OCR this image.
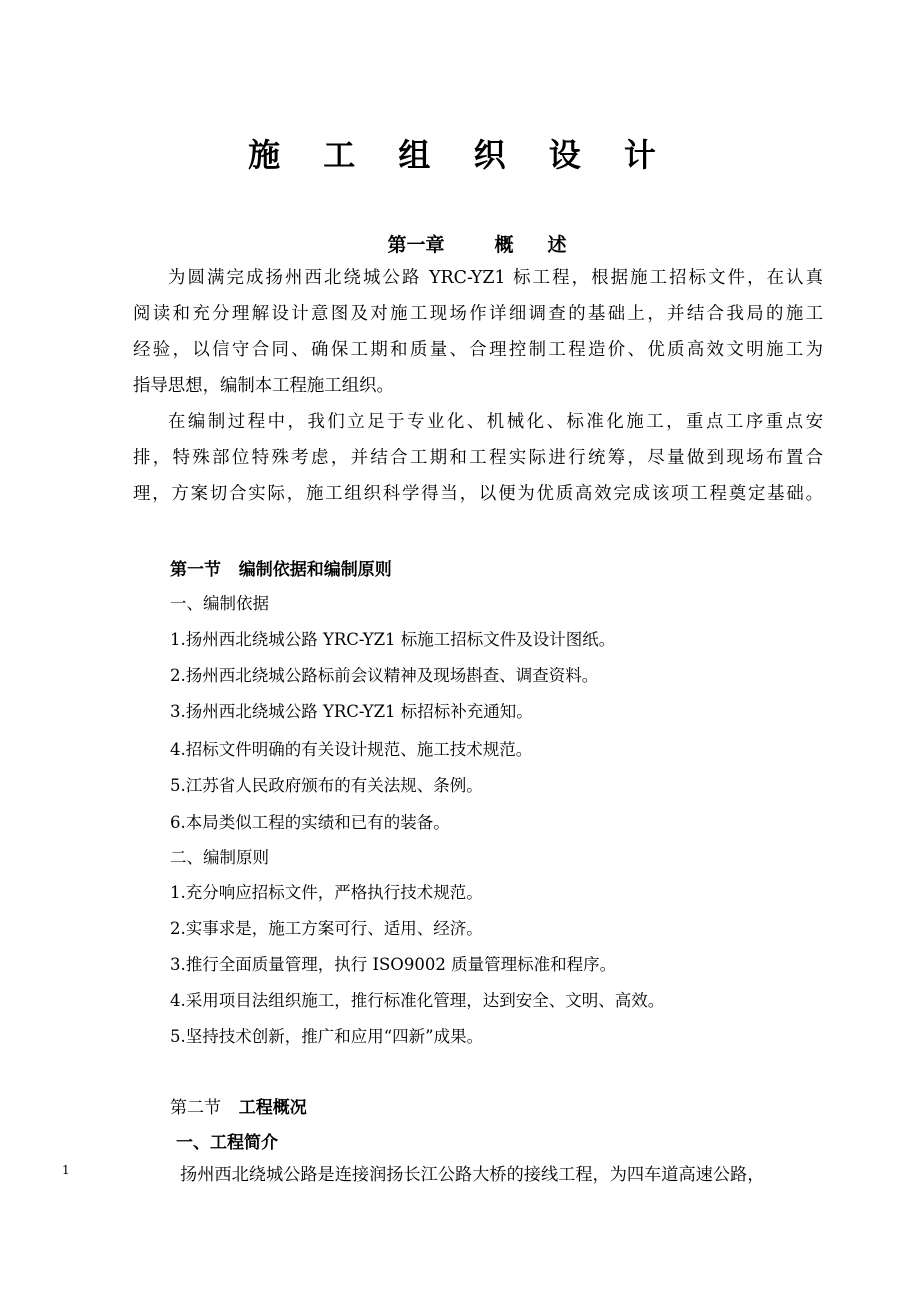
施 工 组 织 设 计
第一章	概 述
为圆满完成扬州西北绕城公路 YRC-YZ1 标工程，根据施工招标文件，在认真
阅读和充分理解设计意图及对施工现场作详细调查的基础上，并结合我局的施工
经验，以信守合同、确保工期和质量、合理控制工程造价、优质高效文明施工为
指导思想，编制本工程施工组织。
在编制过程中，我们立足于专业化、机械化、标准化施工，重点工序重点安
排，特殊部位特殊考虑，并结合工期和工程实际进行统筹，尽量做到现场布置合
理，方案切合实际，施工组织科学得当，以便为优质高效完成该项工程奠定基础。
第一节 编制依据和编制原则
一、编制依据
1.扬州西北绕城公路 YRC-YZ1 标施工招标文件及设计图纸。
2.扬州西北绕城公路标前会议精神及现场斟查、调查资料。
3.扬州西北绕城公路 YRC-YZ1 标招标补充通知。
4.招标文件明确的有关设计规范、施工技术规范。
5.江苏省人民政府颁布的有关法规、条例。
6.本局类似工程的实绩和已有的装备。
二、编制原则
1.充分响应招标文件，严格执行技术规范。
2.实事求是，施工方案可行、适用、经济。
3.推行全面质量管理，执行 ISO9002 质量管理标准和程序。
4.采用项目法组织施工，推行标准化管理，达到安全、文明、高效。
5.坚持技术创新，推广和应用“四新”成果。
第二节 工程概况
一、工程简介
扬州西北绕城公路是连接润扬长江公路大桥的接线工程，为四车道高速公路，
1
